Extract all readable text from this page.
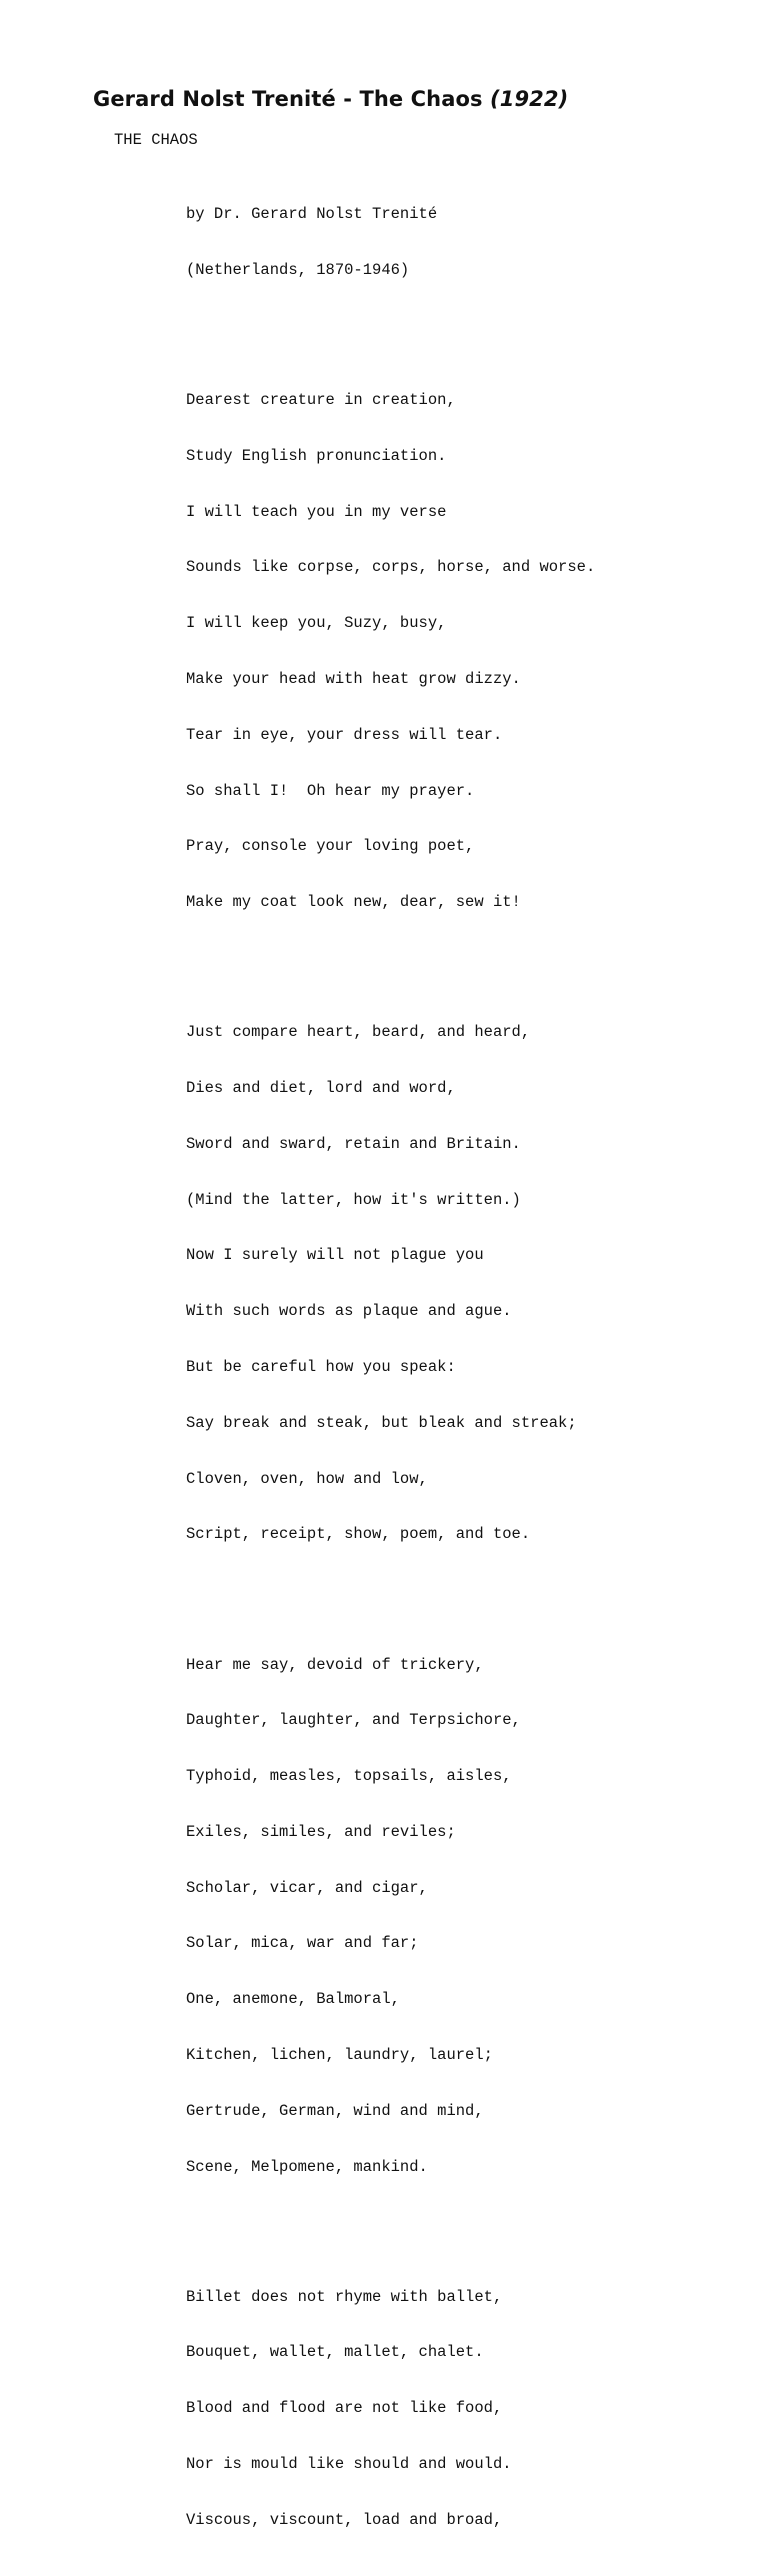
Gerard Nolst Trenité - The Chaos (1922)
THE CHAOS

by Dr. Gerard Nolst Trenité

(Netherlands, 1870-1946)

Dearest creature in creation,

Study English pronunciation.

I will teach you in my verse

Sounds like corpse, corps, horse, and worse.

I will keep you, Suzy, busy,

Make your head with heat grow dizzy.

Tear in eye, your dress will tear.

So shall I!  Oh hear my prayer.

Pray, console your loving poet,

Make my coat look new, dear, sew it!

Just compare heart, beard, and heard,

Dies and diet, lord and word,

Sword and sward, retain and Britain.

(Mind the latter, how it's written.)

Now I surely will not plague you

With such words as plaque and ague.

But be careful how you speak:

Say break and steak, but bleak and streak;

Cloven, oven, how and low,

Script, receipt, show, poem, and toe.

Hear me say, devoid of trickery,

Daughter, laughter, and Terpsichore,

Typhoid, measles, topsails, aisles,

Exiles, similes, and reviles;

Scholar, vicar, and cigar,

Solar, mica, war and far;

One, anemone, Balmoral,

Kitchen, lichen, laundry, laurel;

Gertrude, German, wind and mind,

Scene, Melpomene, mankind.

Billet does not rhyme with ballet,

Bouquet, wallet, mallet, chalet.

Blood and flood are not like food,

Nor is mould like should and would.

Viscous, viscount, load and broad,
